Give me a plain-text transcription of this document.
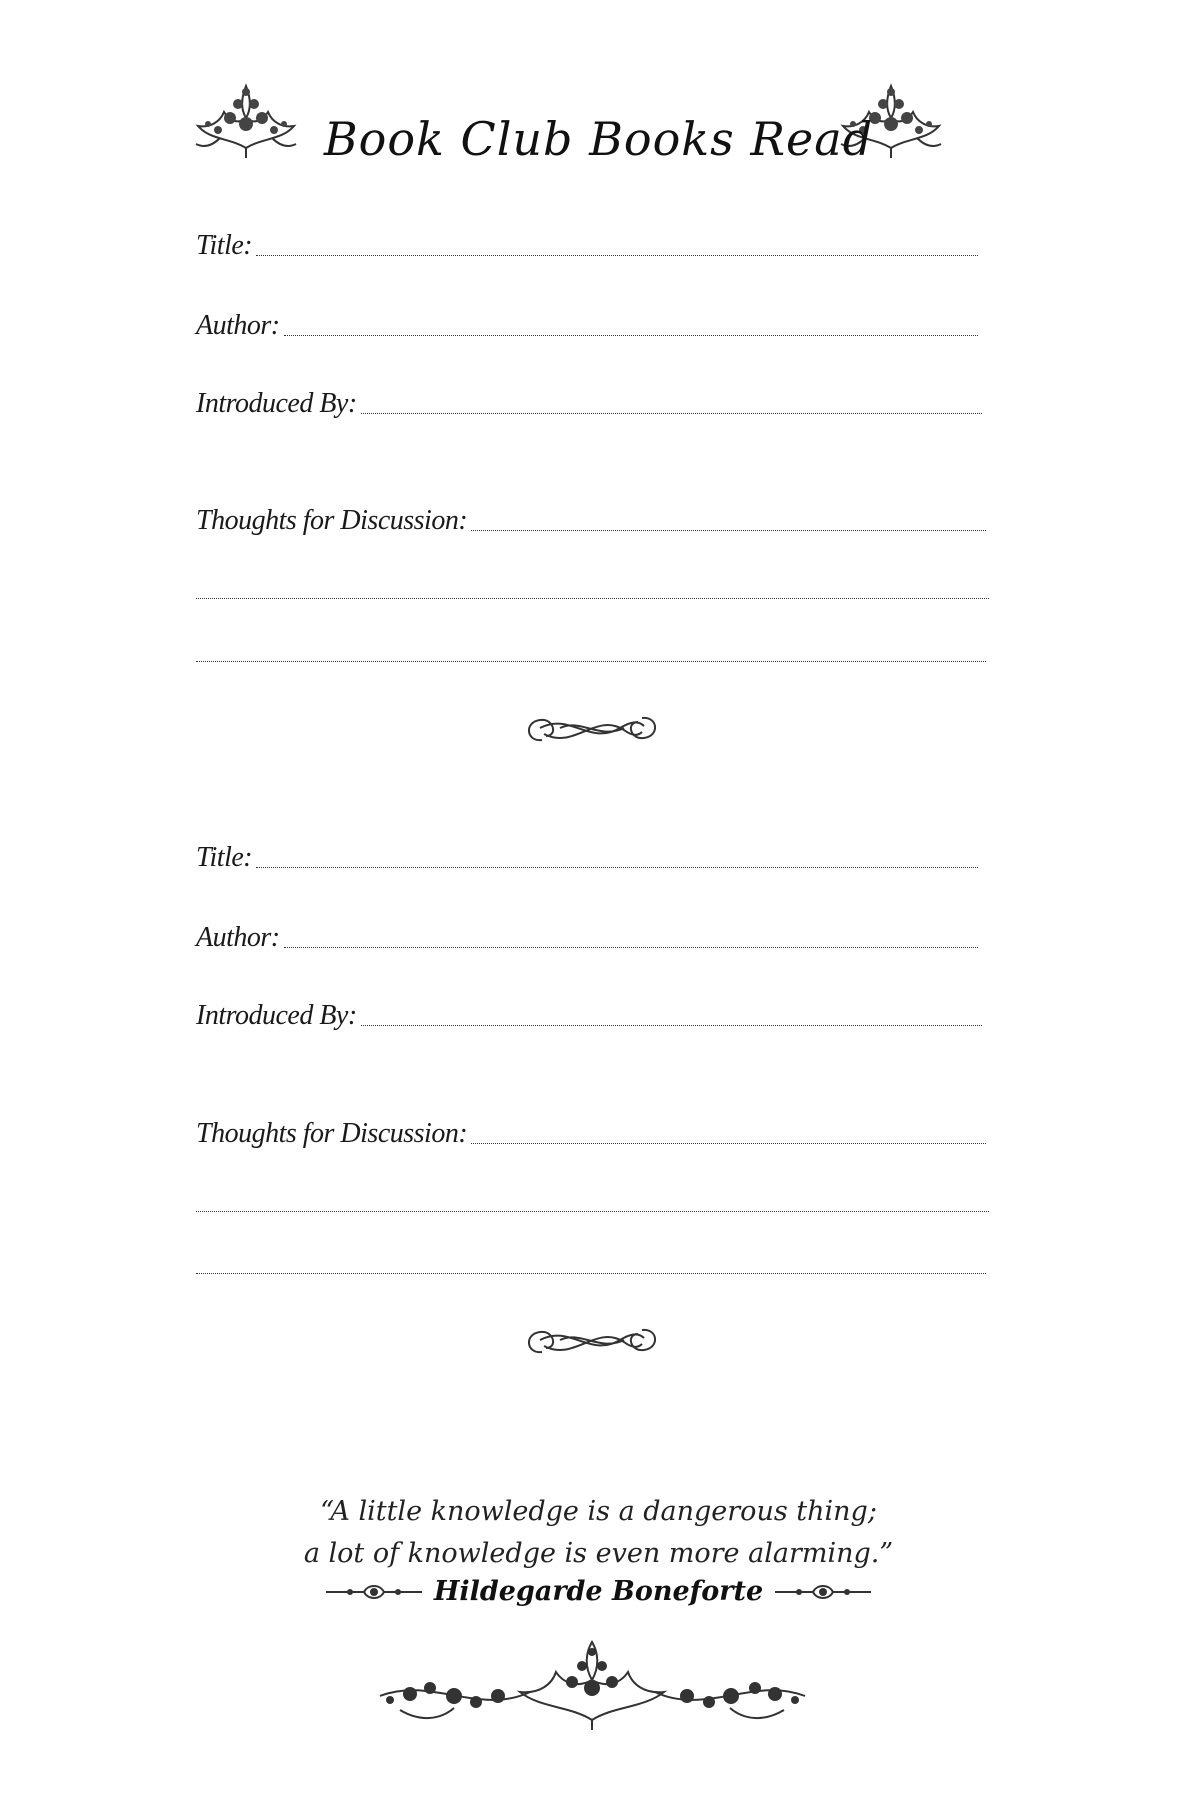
Book Club Books Read
Title:
Author:
Introduced By:
Thoughts for Discussion:
Title:
Author:
Introduced By:
Thoughts for Discussion:
“A little knowledge is a dangerous thing;
a lot of knowledge is even more alarming.”
Hildegarde Boneforte
